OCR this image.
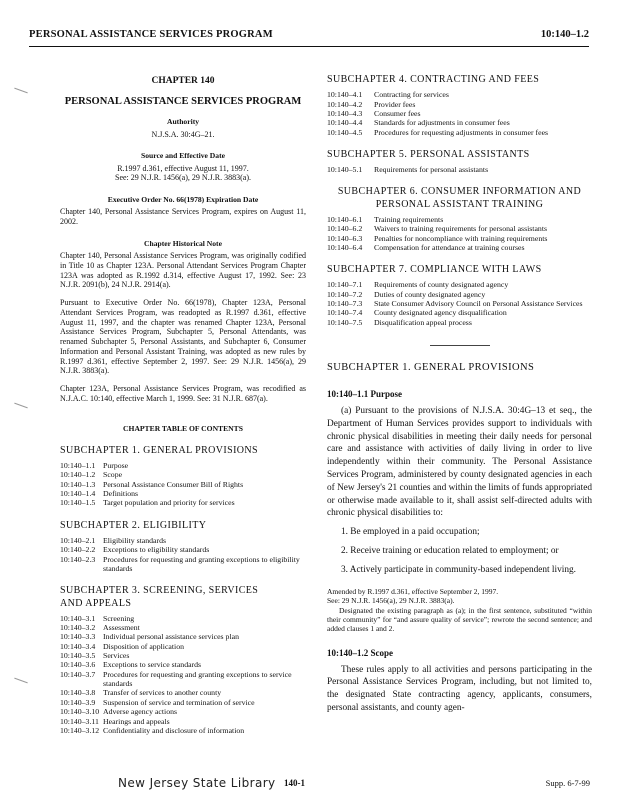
PERSONAL ASSISTANCE SERVICES PROGRAM	10:140–1.2
CHAPTER 140
PERSONAL ASSISTANCE SERVICES PROGRAM
Authority
N.J.S.A. 30:4G–21.
Source and Effective Date
R.1997 d.361, effective August 11, 1997.
See: 29 N.J.R. 1456(a), 29 N.J.R. 3883(a).
Executive Order No. 66(1978) Expiration Date
Chapter 140, Personal Assistance Services Program, expires on August 11, 2002.
Chapter Historical Note
Chapter 140, Personal Assistance Services Program, was originally codified in Title 10 as Chapter 123A. Personal Attendant Services Program Chapter 123A was adopted as R.1992 d.314, effective August 17, 1992. See: 23 N.J.R. 2091(b), 24 N.J.R. 2914(a).
Pursuant to Executive Order No. 66(1978), Chapter 123A, Personal Attendant Services Program, was readopted as R.1997 d.361, effective August 11, 1997, and the chapter was renamed Chapter 123A, Personal Assistance Services Program, Subchapter 5, Personal Attendants, was renamed Subchapter 5, Personal Assistants, and Subchapter 6, Consumer Information and Personal Assistant Training, was adopted as new rules by R.1997 d.361, effective September 2, 1997. See: 29 N.J.R. 1456(a), 29 N.J.R. 3883(a).
Chapter 123A, Personal Assistance Services Program, was recodified as N.J.A.C. 10:140, effective March 1, 1999. See: 31 N.J.R. 687(a).
CHAPTER TABLE OF CONTENTS
SUBCHAPTER 1. GENERAL PROVISIONS
10:140–1.1 Purpose
10:140–1.2 Scope
10:140–1.3 Personal Assistance Consumer Bill of Rights
10:140–1.4 Definitions
10:140–1.5 Target population and priority for services
SUBCHAPTER 2. ELIGIBILITY
10:140–2.1 Eligibility standards
10:140–2.2 Exceptions to eligibility standards
10:140–2.3 Procedures for requesting and granting exceptions to eligibility standards
SUBCHAPTER 3. SCREENING, SERVICES AND APPEALS
10:140–3.1 Screening
10:140–3.2 Assessment
10:140–3.3 Individual personal assistance services plan
10:140–3.4 Disposition of application
10:140–3.5 Services
10:140–3.6 Exceptions to service standards
10:140–3.7 Procedures for requesting and granting exceptions to service standards
10:140–3.8 Transfer of services to another county
10:140–3.9 Suspension of service and termination of service
10:140–3.10 Adverse agency actions
10:140–3.11 Hearings and appeals
10:140–3.12 Confidentiality and disclosure of information
SUBCHAPTER 4. CONTRACTING AND FEES
10:140–4.1	Contracting for services
10:140–4.2	Provider fees
10:140–4.3	Consumer fees
10:140–4.4	Standards for adjustments in consumer fees
10:140–4.5	Procedures for requesting adjustments in consumer fees
SUBCHAPTER 5. PERSONAL ASSISTANTS
10:140–5.1	Requirements for personal assistants
SUBCHAPTER 6. CONSUMER INFORMATION AND PERSONAL ASSISTANT TRAINING
10:140–6.1	Training requirements
10:140–6.2	Waivers to training requirements for personal assistants
10:140–6.3	Penalties for noncompliance with training requirements
10:140–6.4	Compensation for attendance at training courses
SUBCHAPTER 7. COMPLIANCE WITH LAWS
10:140–7.1	Requirements of county designated agency
10:140–7.2	Duties of county designated agency
10:140–7.3	State Consumer Advisory Council on Personal Assistance Services
10:140–7.4	County designated agency disqualification
10:140–7.5	Disqualification appeal process
SUBCHAPTER 1. GENERAL PROVISIONS
10:140–1.1 Purpose
(a) Pursuant to the provisions of N.J.S.A. 30:4G–13 et seq., the Department of Human Services provides support to individuals with chronic physical disabilities in meeting their daily needs for personal care and assistance with activities of daily living in order to live independently within their community. The Personal Assistance Services Program, administered by county designated agencies in each of New Jersey's 21 counties and within the limits of funds appropriated or otherwise made available to it, shall assist self-directed adults with chronic physical disabilities to:
1. Be employed in a paid occupation;
2. Receive training or education related to employment; or
3. Actively participate in community-based independent living.
Amended by R.1997 d.361, effective September 2, 1997.
See: 29 N.J.R. 1456(a), 29 N.J.R. 3883(a).
Designated the existing paragraph as (a); in the first sentence, substituted “within their community” for “and assure quality of service”; rewrote the second sentence; and added clauses 1 and 2.
10:140–1.2 Scope
These rules apply to all activities and persons participating in the Personal Assistance Services Program, including, but not limited to, the designated State contracting agency, applicants, consumers, personal assistants, and county agen-
New Jersey State Library 140-1	Supp. 6-7-99
